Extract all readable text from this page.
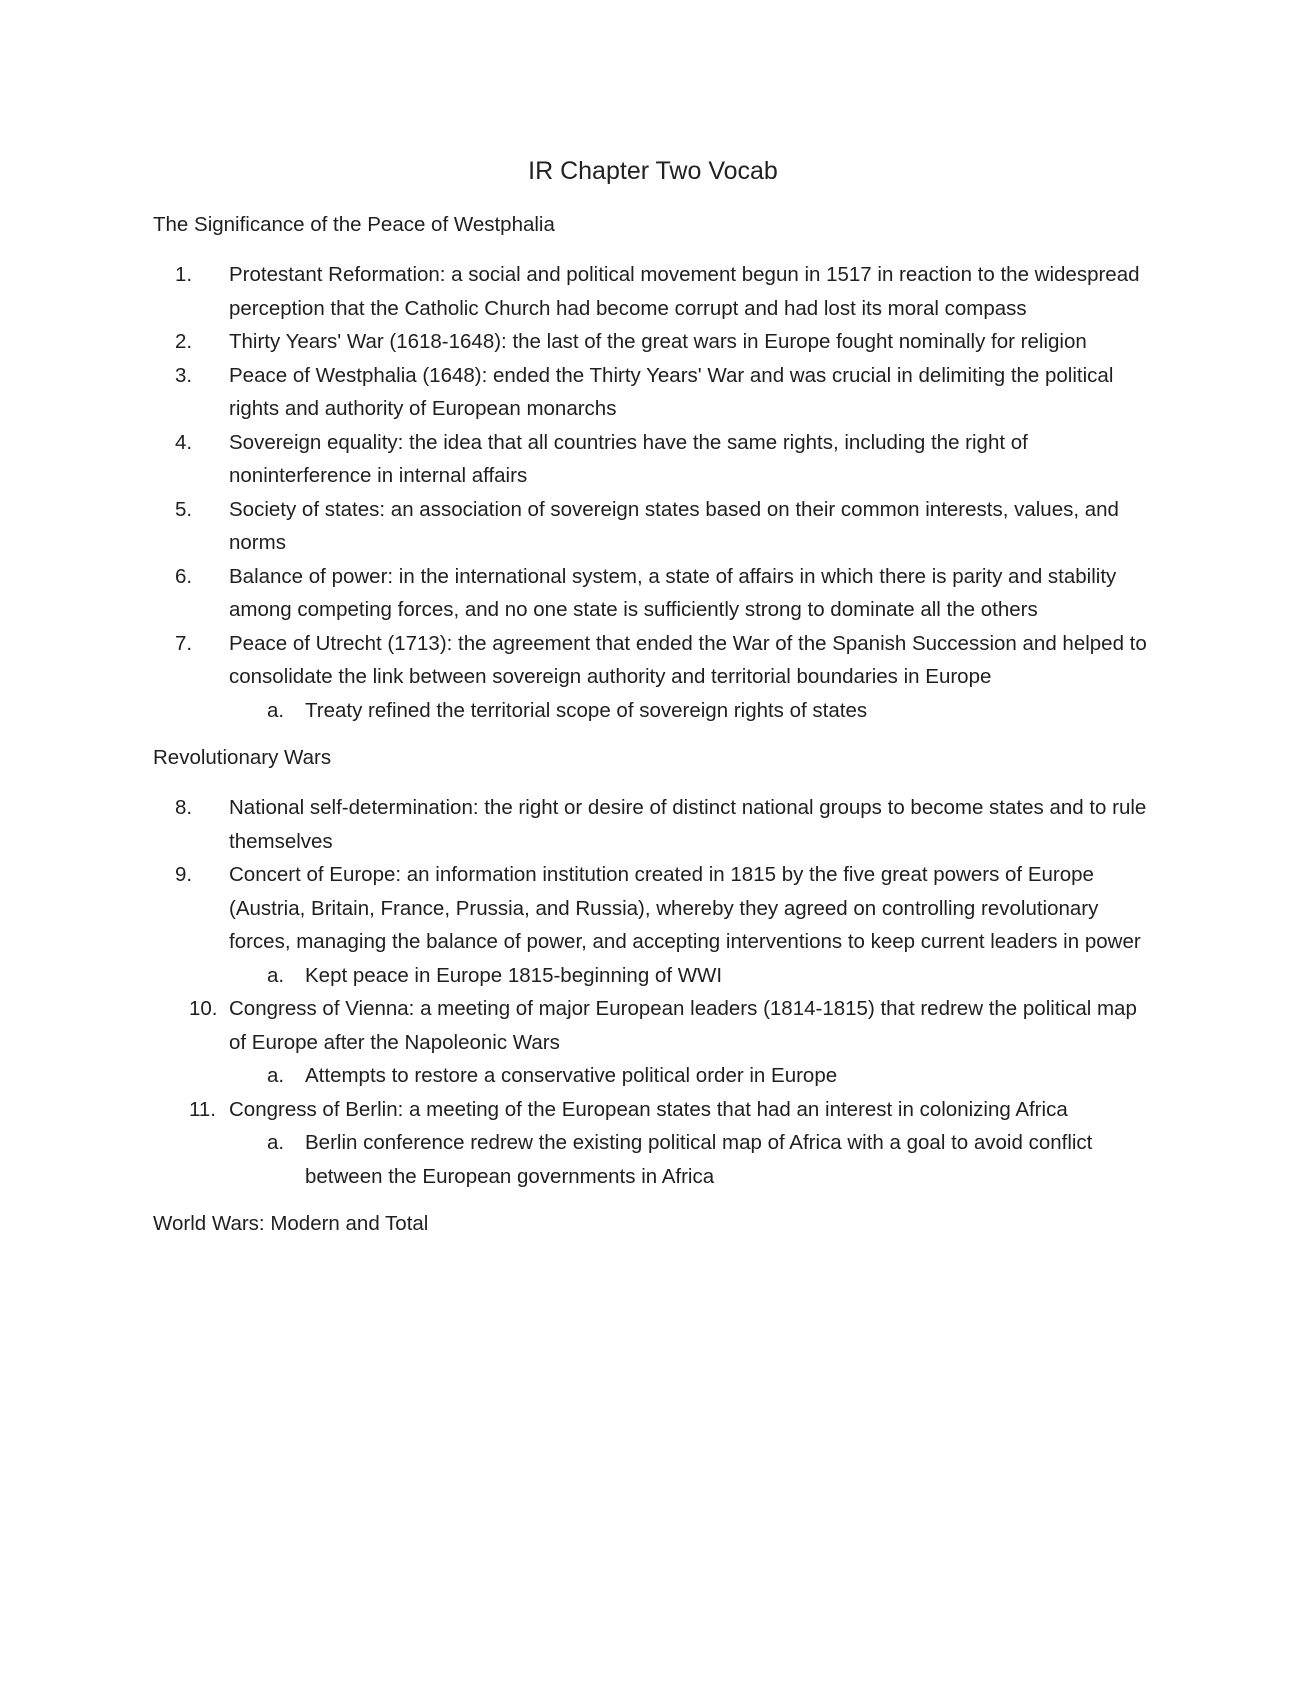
IR Chapter Two Vocab
The Significance of the Peace of Westphalia
1.	Protestant Reformation: a social and political movement begun in 1517 in reaction to the widespread perception that the Catholic Church had become corrupt and had lost its moral compass
2.	Thirty Years' War (1618-1648): the last of the great wars in Europe fought nominally for religion
3.	Peace of Westphalia (1648): ended the Thirty Years' War and was crucial in delimiting the political rights and authority of European monarchs
4.	Sovereign equality: the idea that all countries have the same rights, including the right of noninterference in internal affairs
5.	Society of states: an association of sovereign states based on their common interests, values, and norms
6.	Balance of power: in the international system, a state of affairs in which there is parity and stability among competing forces, and no one state is sufficiently strong to dominate all the others
7.	Peace of Utrecht (1713): the agreement that ended the War of the Spanish Succession and helped to consolidate the link between sovereign authority and territorial boundaries in Europe
a. Treaty refined the territorial scope of sovereign rights of states
Revolutionary Wars
8.	National self-determination: the right or desire of distinct national groups to become states and to rule themselves
9.	Concert of Europe: an information institution created in 1815 by the five great powers of Europe (Austria, Britain, France, Prussia, and Russia), whereby they agreed on controlling revolutionary forces, managing the balance of power, and accepting interventions to keep current leaders in power
a. Kept peace in Europe 1815-beginning of WWI
10. Congress of Vienna: a meeting of major European leaders (1814-1815) that redrew the political map of Europe after the Napoleonic Wars
a. Attempts to restore a conservative political order in Europe
11. Congress of Berlin: a meeting of the European states that had an interest in colonizing Africa
a. Berlin conference redrew the existing political map of Africa with a goal to avoid conflict between the European governments in Africa
World Wars: Modern and Total
